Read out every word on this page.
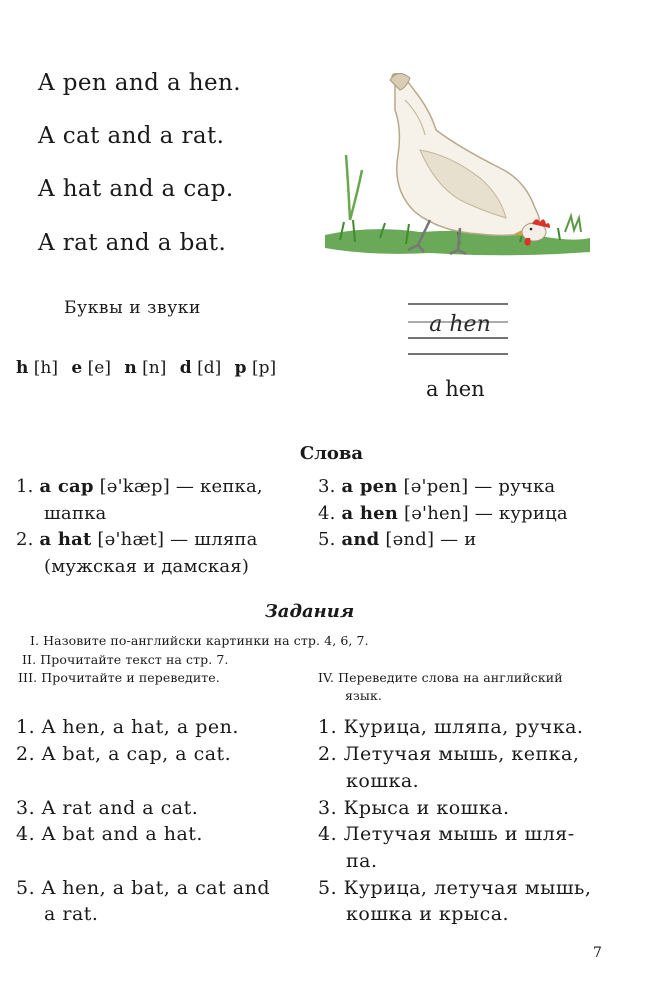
A pen and a hen.
A cat and a rat.
A hat and a cap.
A rat and a bat.
a hen
a hen
Буквы и звуки
h [h] e [e] n [n] d [d] p [p]
Слова
1. a cap [ə'kæp] — кепка,
шапка
2. a hat [ə'hæt] — шляпа
(мужская и дамская)
3. a pen [ə'pen] — ручка
4. a hen [ə'hen] — курица
5. and [ənd] — и
Задания
I. Назовите по-английски картинки на стр. 4, 6, 7.
II. Прочитайте текст на стр. 7.
III. Прочитайте и переведите.	IV. Переведите слова на английский
язык.
1. A hen, a hat, a pen.
2. A bat, a cap, a cat.
3. A rat and a cat.
4. A bat and a hat.
5. A hen, a bat, a cat and
a rat.
1. Курица, шляпа, ручка.
2. Летучая мышь, кепка,
кошка.
3. Крыса и кошка.
4. Летучая мышь и шля-
па.
5. Курица, летучая мышь,
кошка и крыса.
7
